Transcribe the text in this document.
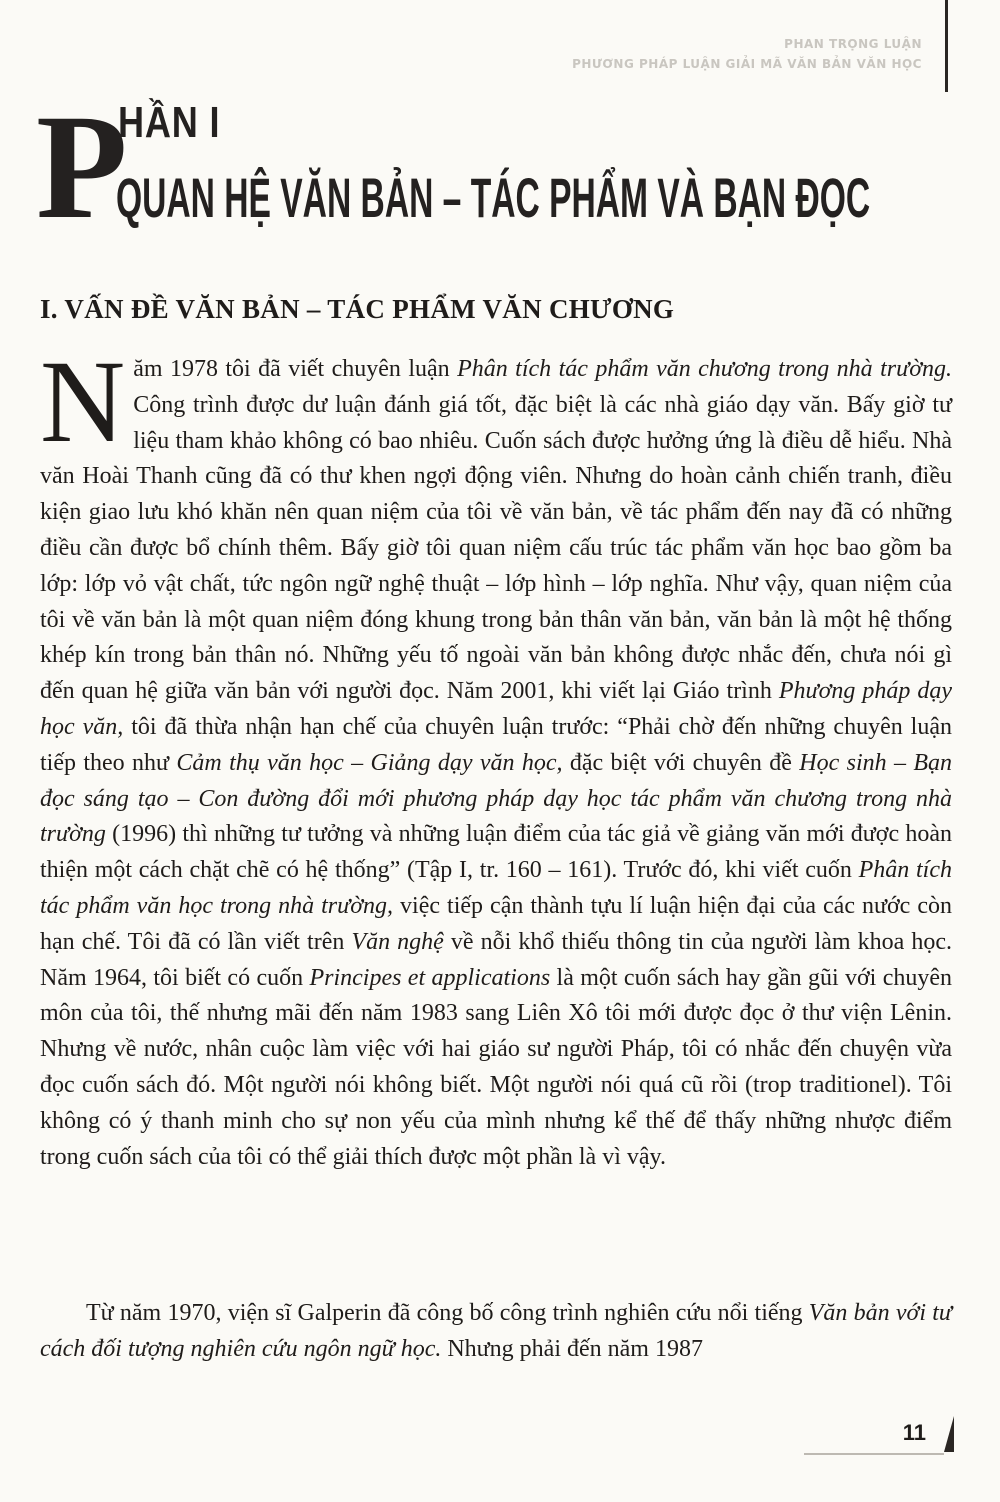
PHAN TRỌNG LUẬN
PHƯƠNG PHÁP LUẬN GIẢI MÃ VĂN BẢN VĂN HỌC
P
HẦN I
QUAN HỆ VĂN BẢN – TÁC PHẨM VÀ BẠN ĐỌC
I. VẤN ĐỀ VĂN BẢN – TÁC PHẨM VĂN CHƯƠNG
Năm 1978 tôi đã viết chuyên luận Phân tích tác phẩm văn chương trong nhà trường. Công trình được dư luận đánh giá tốt, đặc biệt là các nhà giáo dạy văn. Bấy giờ tư liệu tham khảo không có bao nhiêu. Cuốn sách được hưởng ứng là điều dễ hiểu. Nhà văn Hoài Thanh cũng đã có thư khen ngợi động viên. Nhưng do hoàn cảnh chiến tranh, điều kiện giao lưu khó khăn nên quan niệm của tôi về văn bản, về tác phẩm đến nay đã có những điều cần được bổ chính thêm. Bấy giờ tôi quan niệm cấu trúc tác phẩm văn học bao gồm ba lớp: lớp vỏ vật chất, tức ngôn ngữ nghệ thuật – lớp hình – lớp nghĩa. Như vậy, quan niệm của tôi về văn bản là một quan niệm đóng khung trong bản thân văn bản, văn bản là một hệ thống khép kín trong bản thân nó. Những yếu tố ngoài văn bản không được nhắc đến, chưa nói gì đến quan hệ giữa văn bản với người đọc. Năm 2001, khi viết lại Giáo trình Phương pháp dạy học văn, tôi đã thừa nhận hạn chế của chuyên luận trước: “Phải chờ đến những chuyên luận tiếp theo như Cảm thụ văn học – Giảng dạy văn học, đặc biệt với chuyên đề Học sinh – Bạn đọc sáng tạo – Con đường đổi mới phương pháp dạy học tác phẩm văn chương trong nhà trường (1996) thì những tư tưởng và những luận điểm của tác giả về giảng văn mới được hoàn thiện một cách chặt chẽ có hệ thống” (Tập I, tr. 160 – 161). Trước đó, khi viết cuốn Phân tích tác phẩm văn học trong nhà trường, việc tiếp cận thành tựu lí luận hiện đại của các nước còn hạn chế. Tôi đã có lần viết trên Văn nghệ về nỗi khổ thiếu thông tin của người làm khoa học. Năm 1964, tôi biết có cuốn Principes et applications là một cuốn sách hay gần gũi với chuyên môn của tôi, thế nhưng mãi đến năm 1983 sang Liên Xô tôi mới được đọc ở thư viện Lênin. Nhưng về nước, nhân cuộc làm việc với hai giáo sư người Pháp, tôi có nhắc đến chuyện vừa đọc cuốn sách đó. Một người nói không biết. Một người nói quá cũ rồi (trop traditionel). Tôi không có ý thanh minh cho sự non yếu của mình nhưng kể thế để thấy những nhược điểm trong cuốn sách của tôi có thể giải thích được một phần là vì vậy.
Từ năm 1970, viện sĩ Galperin đã công bố công trình nghiên cứu nổi tiếng Văn bản với tư cách đối tượng nghiên cứu ngôn ngữ học. Nhưng phải đến năm 1987
11
